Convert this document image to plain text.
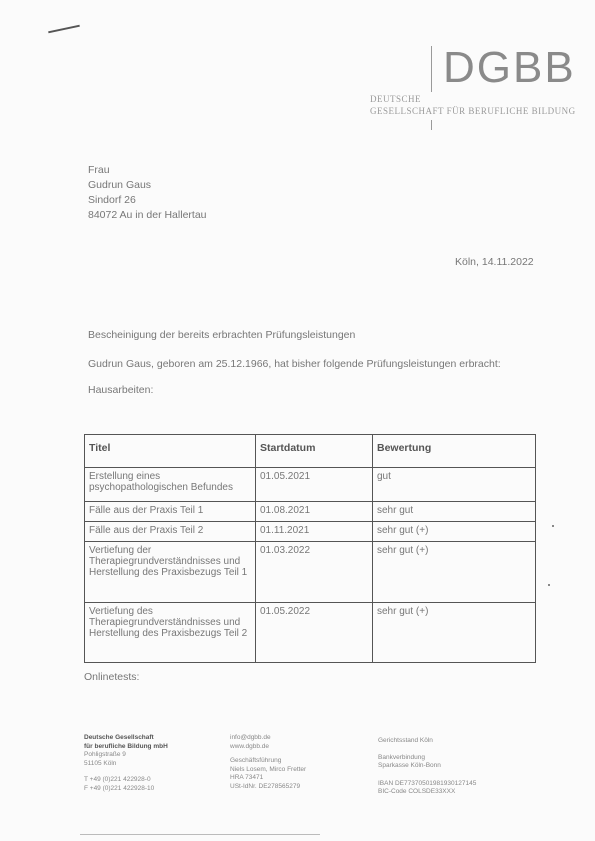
DGBB
DEUTSCHE
GESELLSCHAFT FÜR BERUFLICHE BILDUNG
Frau
Gudrun Gaus
Sindorf 26
84072 Au in der Hallertau
Köln, 14.11.2022
Bescheinigung der bereits erbrachten Prüfungsleistungen
Gudrun Gaus, geboren am 25.12.1966, hat bisher folgende Prüfungsleistungen erbracht:
Hausarbeiten:
Titel	Startdatum	Bewertung
Erstellung eines psychopathologischen Befundes	01.05.2021	gut
Fälle aus der Praxis Teil 1	01.08.2021	sehr gut
Fälle aus der Praxis Teil 2	01.11.2021	sehr gut (+)
Vertiefung der Therapiegrundverständnisses und Herstellung des Praxisbezugs Teil 1	01.03.2022	sehr gut (+)
Vertiefung des Therapiegrundverständnisses und Herstellung des Praxisbezugs Teil 2	01.05.2022	sehr gut (+)
Onlinetests:
Deutsche Gesellschaft
für berufliche Bildung mbH
Pohligstraße 9
51105 Köln
T +49 (0)221 422928-0
F +49 (0)221 422928-10
info@dgbb.de
www.dgbb.de
Geschäftsführung
Niels Losem, Mirco Fretter
HRA 73471
USt-IdNr. DE278565279
Gerichtsstand Köln
Bankverbindung
Sparkasse Köln-Bonn
IBAN DE77370501981930127145
BIC-Code COLSDE33XXX
